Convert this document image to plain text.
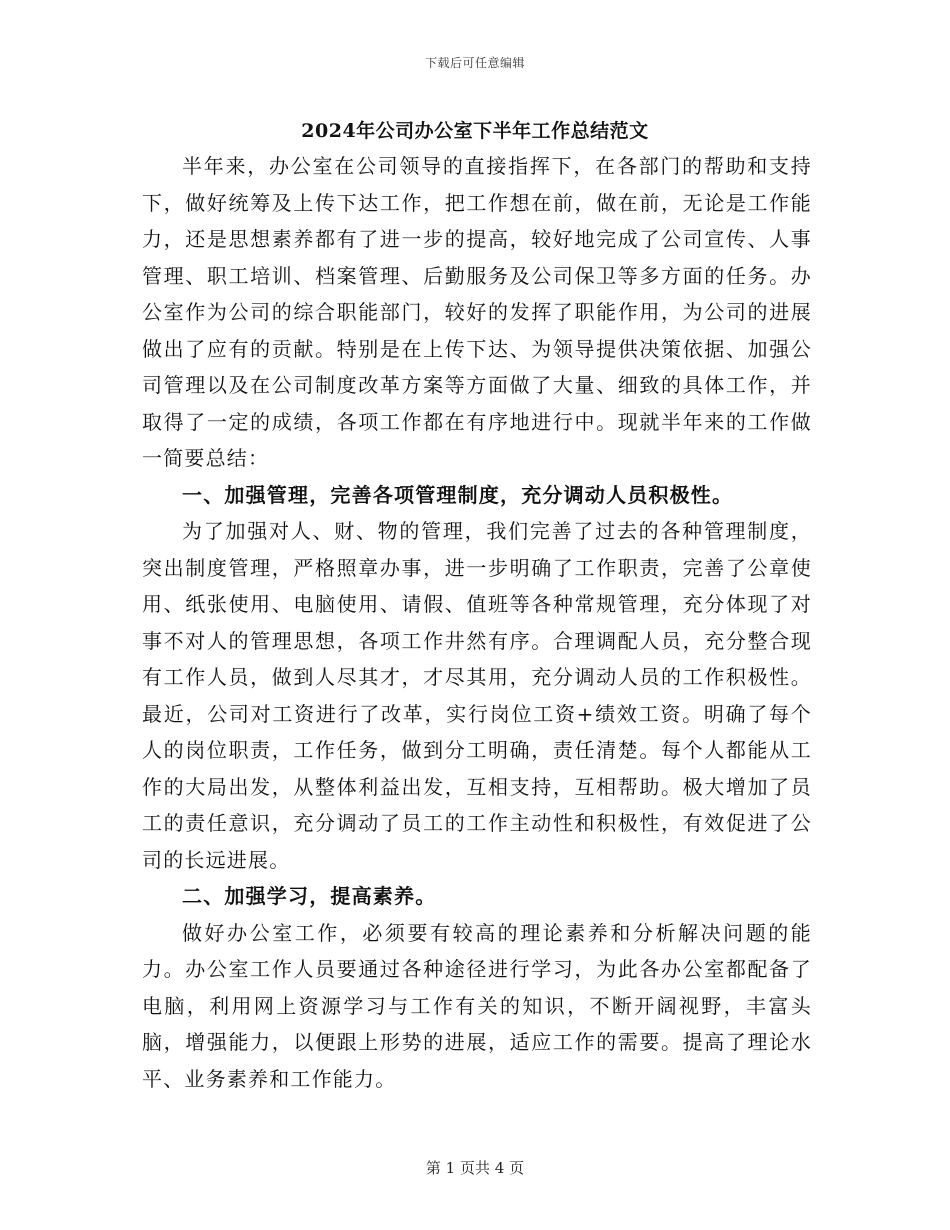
下载后可任意编辑
2024年公司办公室下半年工作总结范文

半年来，办公室在公司领导的直接指挥下，在各部门的帮助和支持下，做好统筹及上传下达工作，把工作想在前，做在前，无论是工作能力，还是思想素养都有了进一步的提高，较好地完成了公司宣传、人事管理、职工培训、档案管理、后勤服务及公司保卫等多方面的任务。办公室作为公司的综合职能部门，较好的发挥了职能作用，为公司的进展做出了应有的贡献。特别是在上传下达、为领导提供决策依据、加强公司管理以及在公司制度改革方案等方面做了大量、细致的具体工作，并取得了一定的成绩，各项工作都在有序地进行中。现就半年来的工作做一简要总结：

一、加强管理，完善各项管理制度，充分调动人员积极性。

为了加强对人、财、物的管理，我们完善了过去的各种管理制度，突出制度管理，严格照章办事，进一步明确了工作职责，完善了公章使用、纸张使用、电脑使用、请假、值班等各种常规管理，充分体现了对事不对人的管理思想，各项工作井然有序。合理调配人员，充分整合现有工作人员，做到人尽其才，才尽其用，充分调动人员的工作积极性。最近，公司对工资进行了改革，实行岗位工资+绩效工资。明确了每个人的岗位职责，工作任务，做到分工明确，责任清楚。每个人都能从工作的大局出发，从整体利益出发，互相支持，互相帮助。极大增加了员工的责任意识，充分调动了员工的工作主动性和积极性，有效促进了公司的长远进展。

二、加强学习，提高素养。

做好办公室工作，必须要有较高的理论素养和分析解决问题的能力。办公室工作人员要通过各种途径进行学习，为此各办公室都配备了电脑，利用网上资源学习与工作有关的知识，不断开阔视野，丰富头脑，增强能力，以便跟上形势的进展，适应工作的需要。提高了理论水平、业务素养和工作能力。

第 1 页共 4 页
